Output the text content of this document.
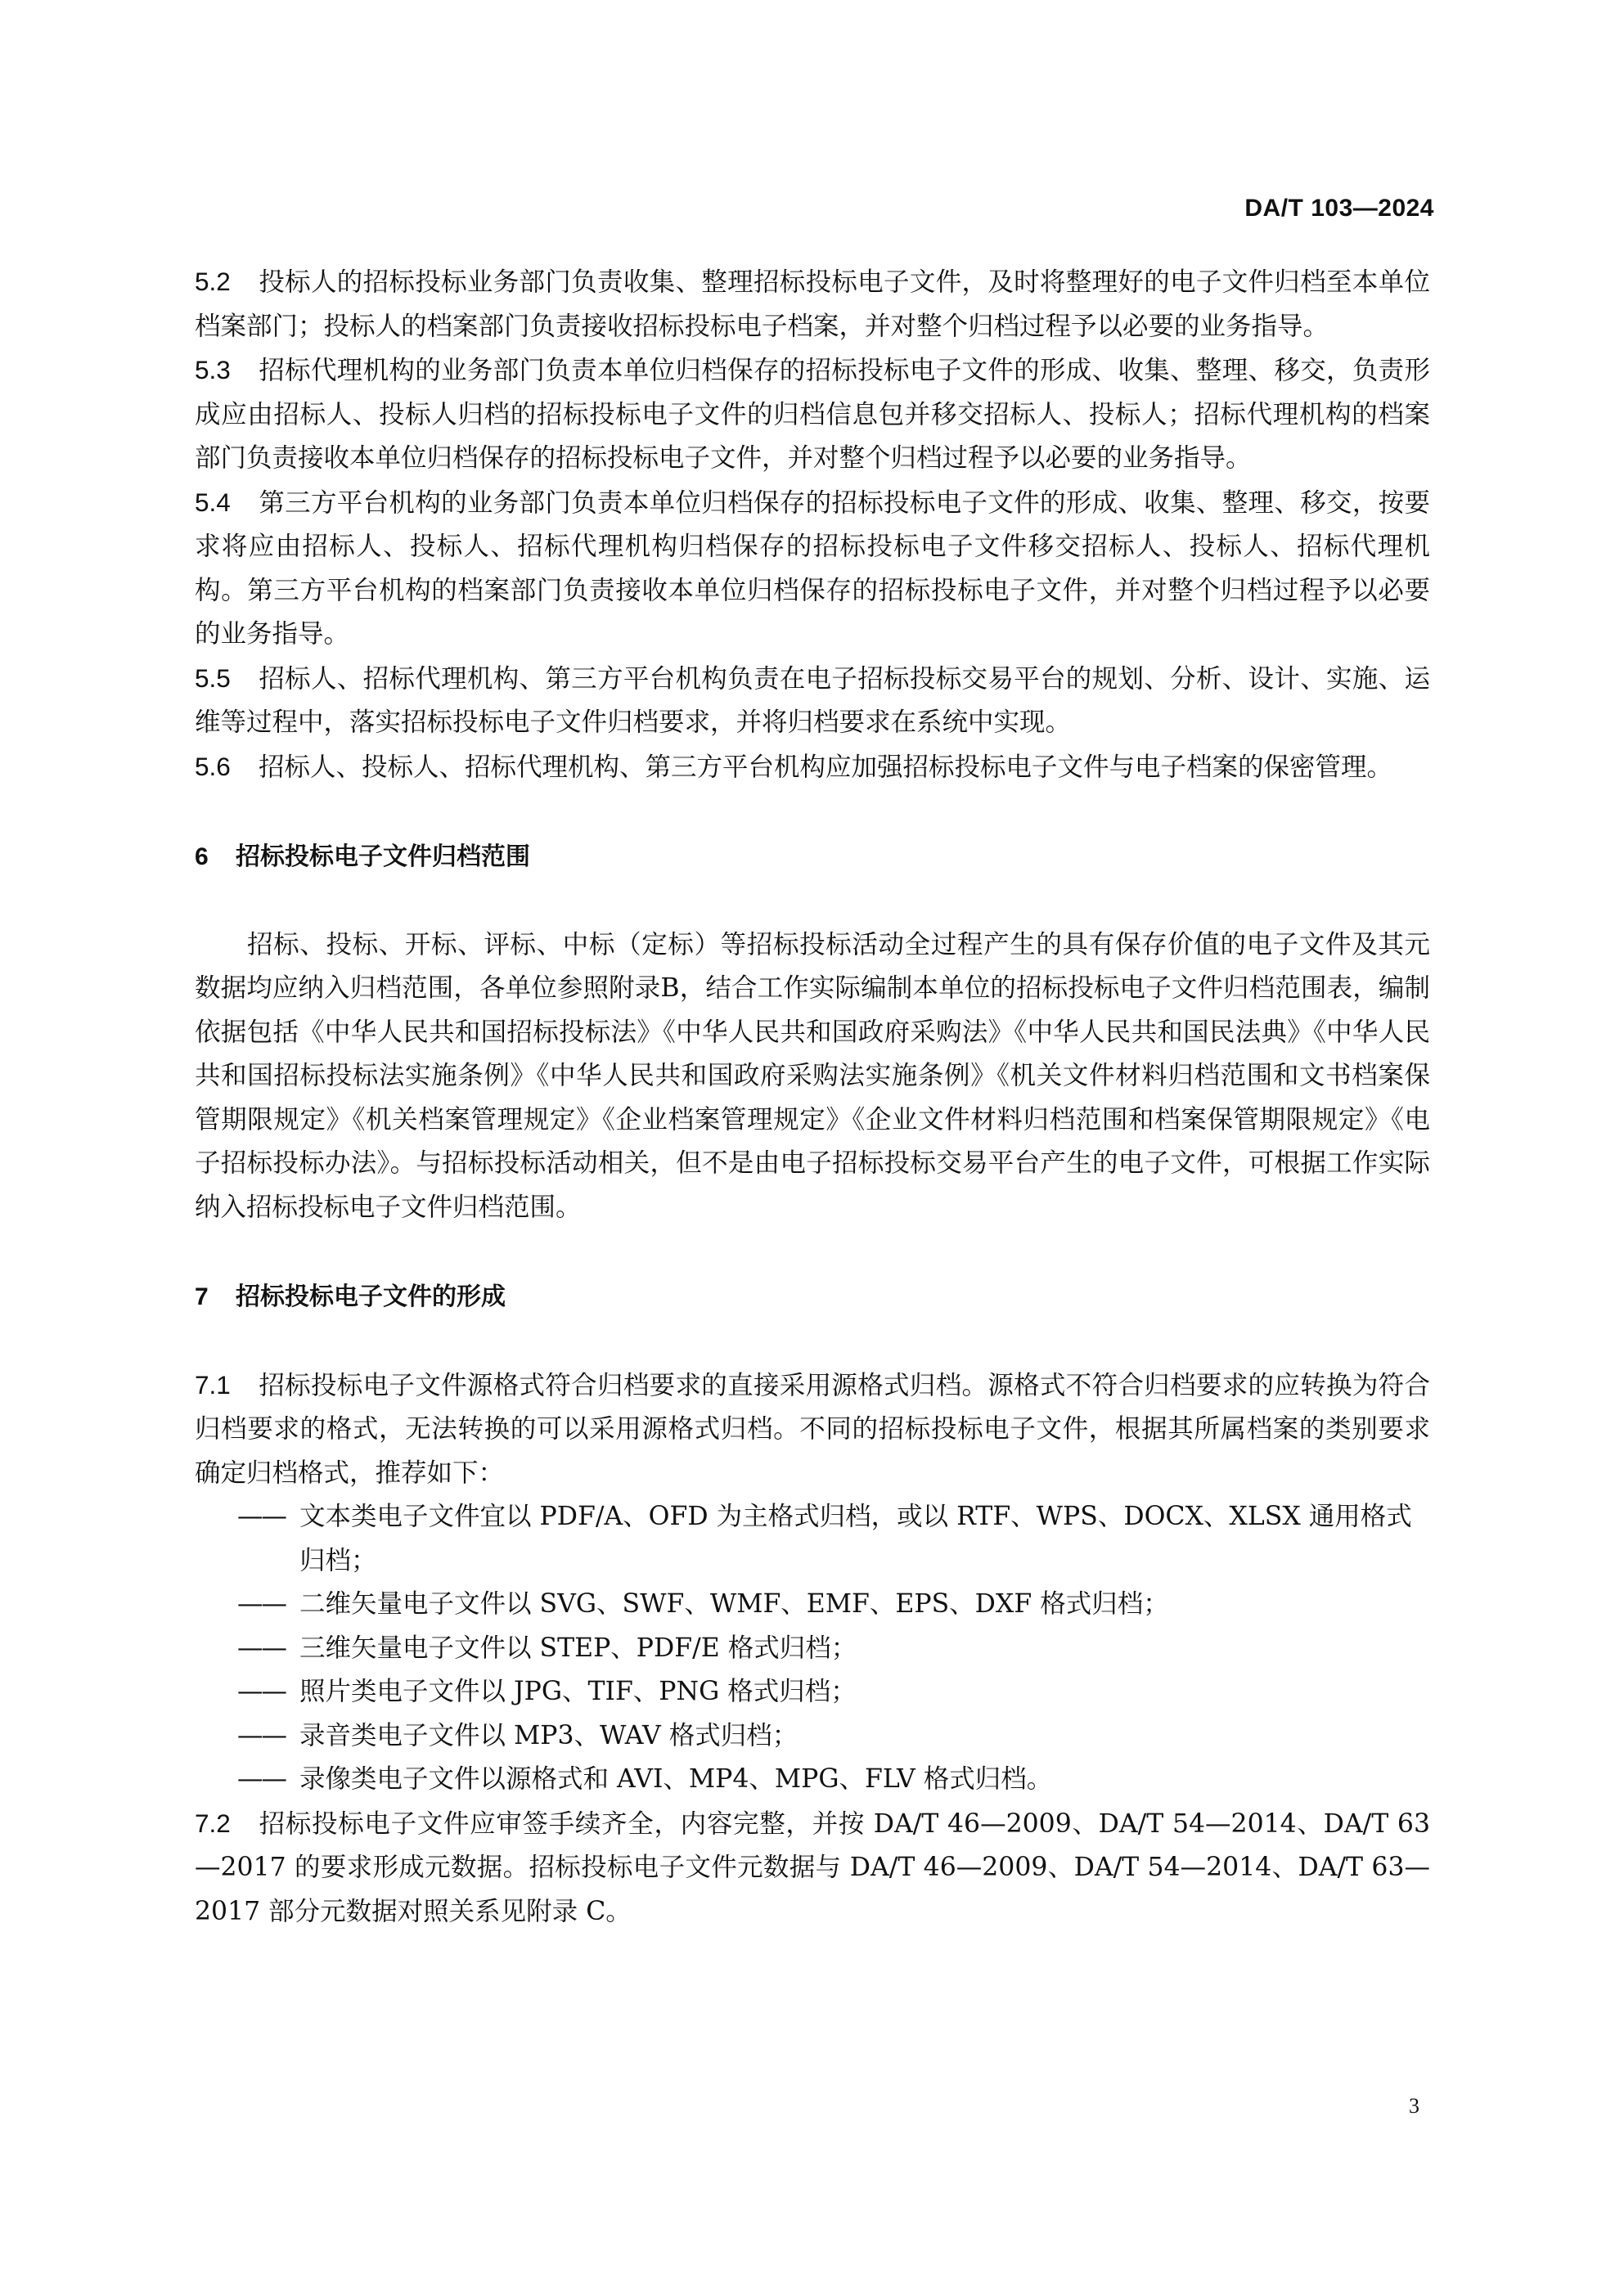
DA/T 103—2024

5.2 投标人的招标投标业务部门负责收集、整理招标投标电子文件，及时将整理好的电子文件归档至本单位档案部门；投标人的档案部门负责接收招标投标电子档案，并对整个归档过程予以必要的业务指导。

5.3 招标代理机构的业务部门负责本单位归档保存的招标投标电子文件的形成、收集、整理、移交，负责形成应由招标人、投标人归档的招标投标电子文件的归档信息包并移交招标人、投标人；招标代理机构的档案部门负责接收本单位归档保存的招标投标电子文件，并对整个归档过程予以必要的业务指导。

5.4 第三方平台机构的业务部门负责本单位归档保存的招标投标电子文件的形成、收集、整理、移交，按要求将应由招标人、投标人、招标代理机构归档保存的招标投标电子文件移交招标人、投标人、招标代理机构。第三方平台机构的档案部门负责接收本单位归档保存的招标投标电子文件，并对整个归档过程予以必要的业务指导。

5.5 招标人、招标代理机构、第三方平台机构负责在电子招标投标交易平台的规划、分析、设计、实施、运维等过程中，落实招标投标电子文件归档要求，并将归档要求在系统中实现。

5.6 招标人、投标人、招标代理机构、第三方平台机构应加强招标投标电子文件与电子档案的保密管理。

6 招标投标电子文件归档范围

招标、投标、开标、评标、中标（定标）等招标投标活动全过程产生的具有保存价值的电子文件及其元数据均应纳入归档范围，各单位参照附录B，结合工作实际编制本单位的招标投标电子文件归档范围表，编制依据包括《中华人民共和国招标投标法》《中华人民共和国政府采购法》《中华人民共和国民法典》《中华人民共和国招标投标法实施条例》《中华人民共和国政府采购法实施条例》《机关文件材料归档范围和文书档案保管期限规定》《机关档案管理规定》《企业档案管理规定》《企业文件材料归档范围和档案保管期限规定》《电子招标投标办法》。与招标投标活动相关，但不是由电子招标投标交易平台产生的电子文件，可根据工作实际纳入招标投标电子文件归档范围。

7 招标投标电子文件的形成

7.1 招标投标电子文件源格式符合归档要求的直接采用源格式归档。源格式不符合归档要求的应转换为符合归档要求的格式，无法转换的可以采用源格式归档。不同的招标投标电子文件，根据其所属档案的类别要求确定归档格式，推荐如下：

—— 文本类电子文件宜以 PDF/A、OFD 为主格式归档，或以 RTF、WPS、DOCX、XLSX 通用格式归档；

—— 二维矢量电子文件以 SVG、SWF、WMF、EMF、EPS、DXF 格式归档；

—— 三维矢量电子文件以 STEP、PDF/E 格式归档；

—— 照片类电子文件以 JPG、TIF、PNG 格式归档；

—— 录音类电子文件以 MP3、WAV 格式归档；

—— 录像类电子文件以源格式和 AVI、MP4、MPG、FLV 格式归档。

7.2 招标投标电子文件应审签手续齐全，内容完整，并按 DA/T 46—2009、DA/T 54—2014、DA/T 63—2017 的要求形成元数据。招标投标电子文件元数据与 DA/T 46—2009、DA/T 54—2014、DA/T 63—2017 部分元数据对照关系见附录 C。

3
